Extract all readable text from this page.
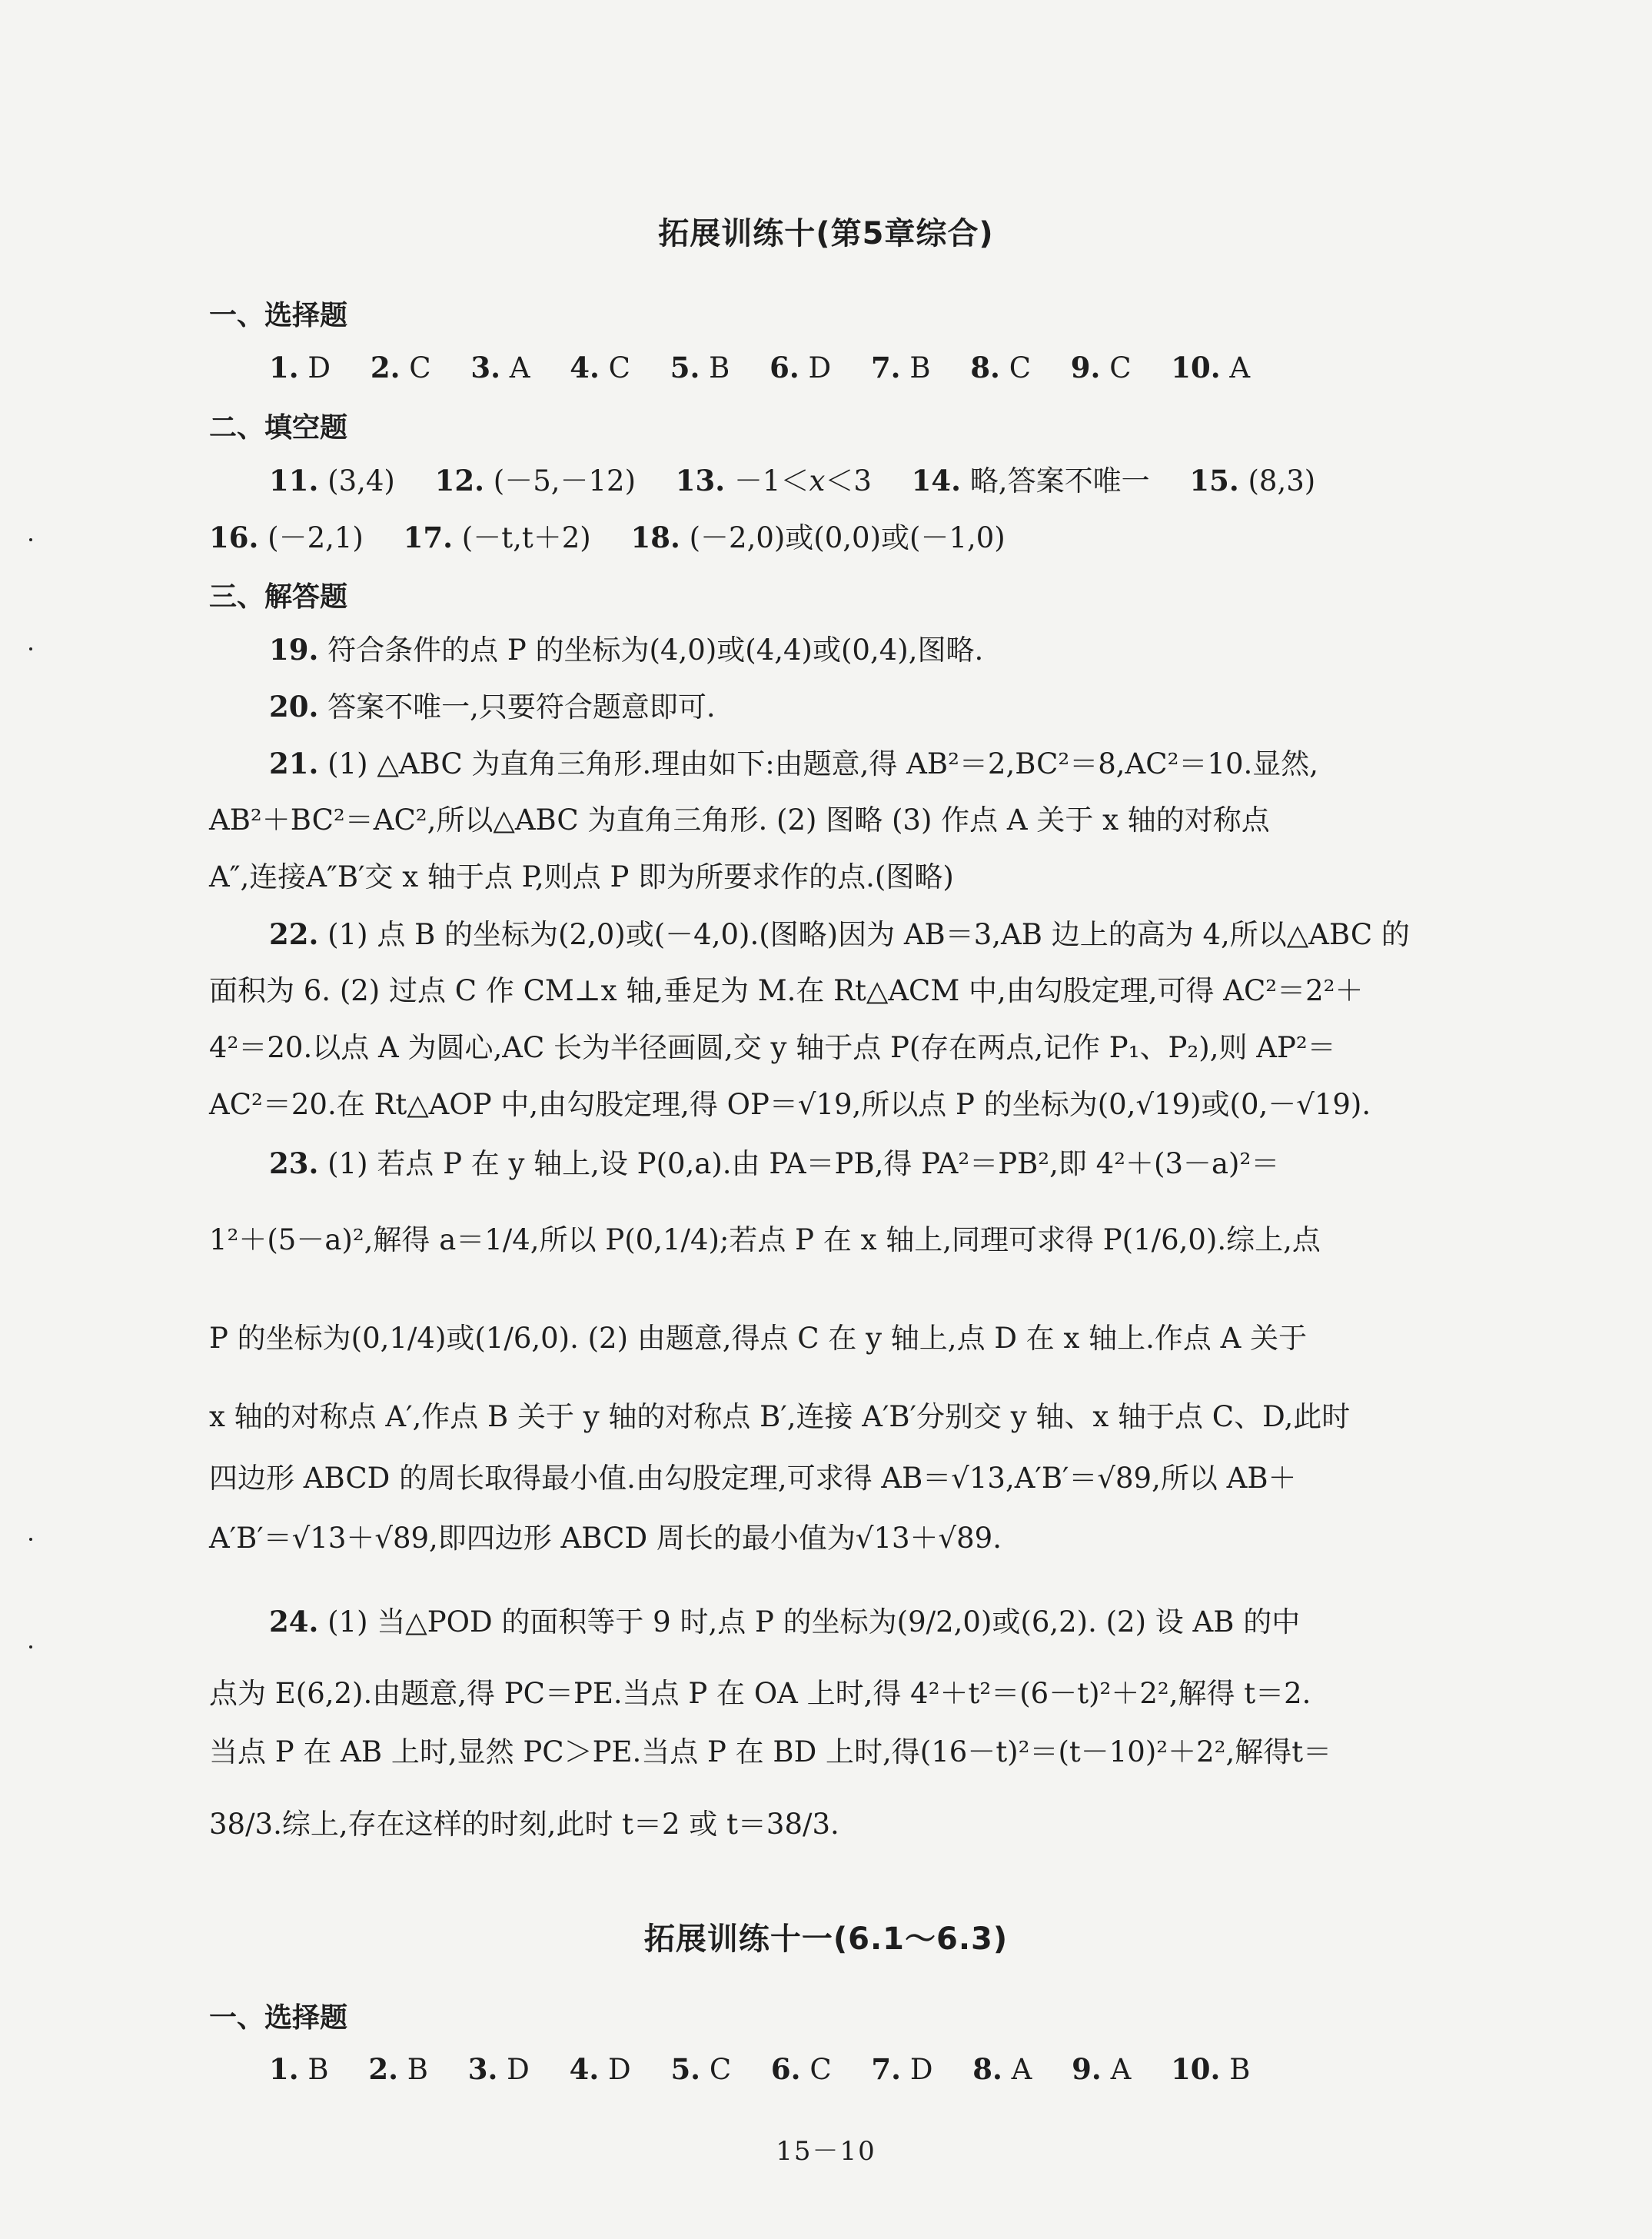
拓展训练十(第5章综合)
一、选择题
1. D 2. C 3. A 4. C 5. B 6. D 7. B 8. C 9. C 10. A
二、填空题
11. (3,4) 12. (－5,－12) 13. －1＜x＜3 14. 略,答案不唯一 15. (8,3)
16. (－2,1) 17. (－t,t＋2) 18. (－2,0)或(0,0)或(－1,0)
三、解答题
19. 符合条件的点 P 的坐标为(4,0)或(4,4)或(0,4),图略.
20. 答案不唯一,只要符合题意即可.
21. (1) △ABC 为直角三角形.理由如下:由题意,得 AB²＝2,BC²＝8,AC²＝10.显然,
AB²＋BC²＝AC²,所以△ABC 为直角三角形. (2) 图略 (3) 作点 A 关于 x 轴的对称点
A″,连接A″B′交 x 轴于点 P,则点 P 即为所要求作的点.(图略)
22. (1) 点 B 的坐标为(2,0)或(－4,0).(图略)因为 AB＝3,AB 边上的高为 4,所以△ABC 的
面积为 6. (2) 过点 C 作 CM⊥x 轴,垂足为 M.在 Rt△ACM 中,由勾股定理,可得 AC²＝2²＋
4²＝20.以点 A 为圆心,AC 长为半径画圆,交 y 轴于点 P(存在两点,记作 P₁、P₂),则 AP²＝
AC²＝20.在 Rt△AOP 中,由勾股定理,得 OP＝√19,所以点 P 的坐标为(0,√19)或(0,－√19).
23. (1) 若点 P 在 y 轴上,设 P(0,a).由 PA＝PB,得 PA²＝PB²,即 4²＋(3－a)²＝
1²＋(5－a)²,解得 a＝1/4,所以 P(0,1/4);若点 P 在 x 轴上,同理可求得 P(1/6,0).综上,点
P 的坐标为(0,1/4)或(1/6,0). (2) 由题意,得点 C 在 y 轴上,点 D 在 x 轴上.作点 A 关于
x 轴的对称点 A′,作点 B 关于 y 轴的对称点 B′,连接 A′B′分别交 y 轴、x 轴于点 C、D,此时
四边形 ABCD 的周长取得最小值.由勾股定理,可求得 AB＝√13,A′B′＝√89,所以 AB＋
A′B′＝√13＋√89,即四边形 ABCD 周长的最小值为√13＋√89.
24. (1) 当△POD 的面积等于 9 时,点 P 的坐标为(9/2,0)或(6,2). (2) 设 AB 的中
点为 E(6,2).由题意,得 PC＝PE.当点 P 在 OA 上时,得 4²＋t²＝(6－t)²＋2²,解得 t＝2.
当点 P 在 AB 上时,显然 PC＞PE.当点 P 在 BD 上时,得(16－t)²＝(t－10)²＋2²,解得t＝
38/3.综上,存在这样的时刻,此时 t＝2 或 t＝38/3.
拓展训练十一(6.1～6.3)
一、选择题
1. B 2. B 3. D 4. D 5. C 6. C 7. D 8. A 9. A 10. B
15－10
